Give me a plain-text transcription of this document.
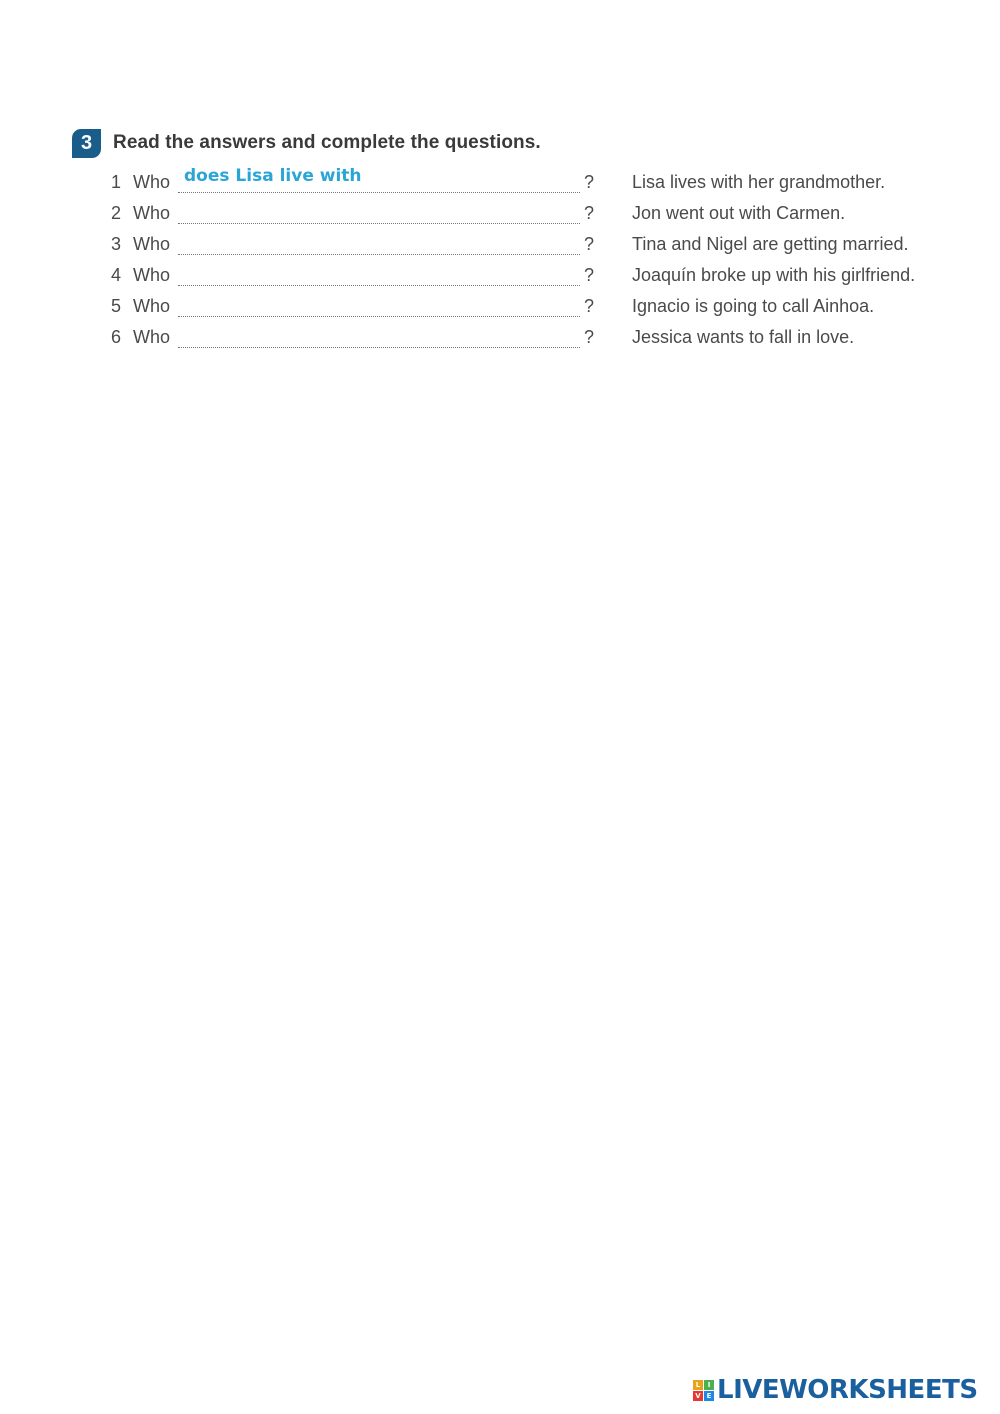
3	Read the answers and complete the questions.
1 Who does Lisa live with	? Lisa lives with her grandmother.
2 Who	? Jon went out with Carmen.
3 Who	? Tina and Nigel are getting married.
4 Who	? Joaquín broke up with his girlfriend.
5 Who	? Ignacio is going to call Ainhoa.
6 Who	? Jessica wants to fall in love.
L	I
V E LIVEWORKSHEETS
